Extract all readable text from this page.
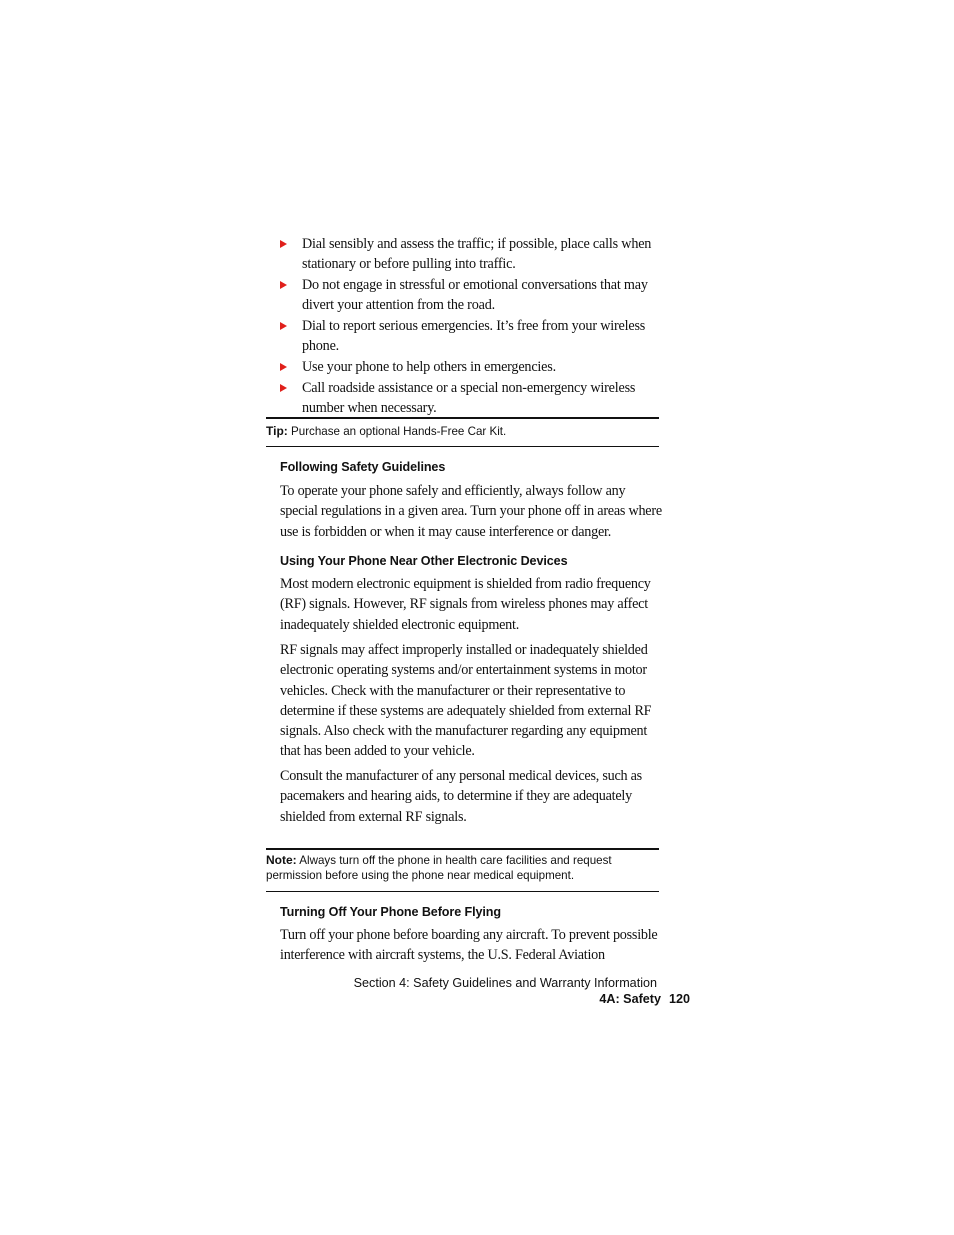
Dial sensibly and assess the traffic; if possible, place calls when stationary or before pulling into traffic.
Do not engage in stressful or emotional conversations that may divert your attention from the road.
Dial to report serious emergencies. It’s free from your wireless phone.
Use your phone to help others in emergencies.
Call roadside assistance or a special non-emergency wireless number when necessary.
Tip: Purchase an optional Hands-Free Car Kit.
Following Safety Guidelines

To operate your phone safely and efficiently, always follow any special regulations in a given area. Turn your phone off in areas where use is forbidden or when it may cause interference or danger.

Using Your Phone Near Other Electronic Devices

Most modern electronic equipment is shielded from radio frequency (RF) signals. However, RF signals from wireless phones may affect inadequately shielded electronic equipment.

RF signals may affect improperly installed or inadequately shielded electronic operating systems and/or entertainment systems in motor vehicles. Check with the manufacturer or their representative to determine if these systems are adequately shielded from external RF signals. Also check with the manufacturer regarding any equipment that has been added to your vehicle.

Consult the manufacturer of any personal medical devices, such as pacemakers and hearing aids, to determine if they are adequately shielded from external RF signals.

Note: Always turn off the phone in health care facilities and request permission before using the phone near medical equipment.
Turning Off Your Phone Before Flying

Turn off your phone before boarding any aircraft. To prevent possible interference with aircraft systems, the U.S. Federal Aviation

Section 4: Safety Guidelines and Warranty Information
4A: Safety 120
